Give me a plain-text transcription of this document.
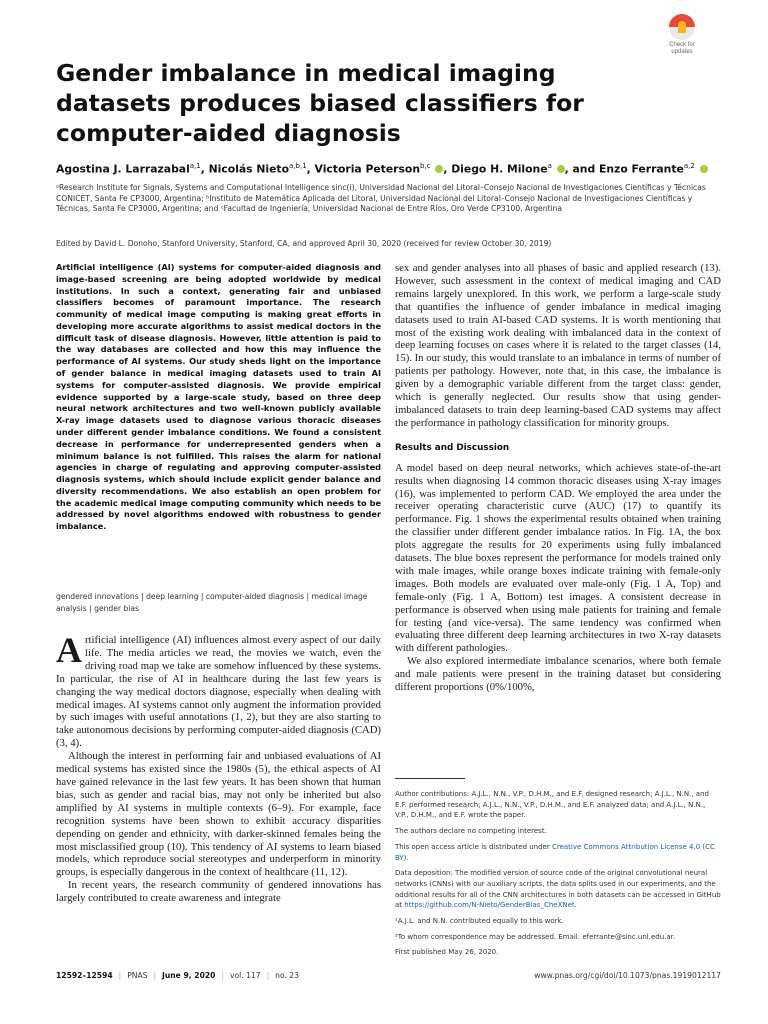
Check for
updates
Gender imbalance in medical imaging datasets produces biased classifiers for computer-aided diagnosis
Agostina J. Larrazabal$^{a,1}$, Nicolás Nieto$^{a,b,1}$, Victoria Peterson$^{b,c}$ , Diego H. Milone$^a$ , and Enzo Ferrante$^{a,2}$

ᵃResearch Institute for Signals, Systems and Computational Intelligence sinc(i), Universidad Nacional del Litoral–Consejo Nacional de Investigaciones Científicas y Técnicas CONICET, Santa Fe CP3000, Argentina; ᵇInstituto de Matemática Aplicada del Litoral, Universidad Nacional del Litoral–Consejo Nacional de Investigaciones Científicas y Técnicas, Santa Fe CP3000, Argentina; and ᶜFacultad de Ingeniería, Universidad Nacional de Entre Ríos, Oro Verde CP3100, Argentina

Edited by David L. Donoho, Stanford University, Stanford, CA, and approved April 30, 2020 (received for review October 30, 2019)

Artificial intelligence (AI) systems for computer-aided diagnosis and image-based screening are being adopted worldwide by medical institutions. In such a context, generating fair and unbiased classifiers becomes of paramount importance. The research community of medical image computing is making great efforts in developing more accurate algorithms to assist medical doctors in the difficult task of disease diagnosis. However, little attention is paid to the way databases are collected and how this may influence the performance of AI systems. Our study sheds light on the importance of gender balance in medical imaging datasets used to train AI systems for computer-assisted diagnosis. We provide empirical evidence supported by a large-scale study, based on three deep neural network architectures and two well-known publicly available X-ray image datasets used to diagnose various thoracic diseases under different gender imbalance conditions. We found a consistent decrease in performance for underrepresented genders when a minimum balance is not fulfilled. This raises the alarm for national agencies in charge of regulating and approving computer-assisted diagnosis systems, which should include explicit gender balance and diversity recommendations. We also establish an open problem for the academic medical image computing community which needs to be addressed by novel algorithms endowed with robustness to gender imbalance.

gendered innovations | deep learning | computer-aided diagnosis | medical image analysis | gender bias

Artificial intelligence (AI) influences almost every aspect of our daily life. The media articles we read, the movies we watch, even the driving road map we take are somehow influenced by these systems. In particular, the rise of AI in healthcare during the last few years is changing the way medical doctors diagnose, especially when dealing with medical images. AI systems cannot only augment the information provided by such images with useful annotations (1, 2), but they are also starting to take autonomous decisions by performing computer-aided diagnosis (CAD) (3, 4).

Although the interest in performing fair and unbiased evaluations of AI medical systems has existed since the 1980s (5), the ethical aspects of AI have gained relevance in the last few years. It has been shown that human bias, such as gender and racial bias, may not only be inherited but also amplified by AI systems in multiple contexts (6–9). For example, face recognition systems have been shown to exhibit accuracy disparities depending on gender and ethnicity, with darker-skinned females being the most misclassified group (10). This tendency of AI systems to learn biased models, which reproduce social stereotypes and underperform in minority groups, is especially dangerous in the context of healthcare (11, 12).

In recent years, the research community of gendered innovations has largely contributed to create awareness and integrate

sex and gender analyses into all phases of basic and applied research (13). However, such assessment in the context of medical imaging and CAD remains largely unexplored. In this work, we perform a large-scale study that quantifies the influence of gender imbalance in medical imaging datasets used to train AI-based CAD systems. It is worth mentioning that most of the existing work dealing with imbalanced data in the context of deep learning focuses on cases where it is related to the target classes (14, 15). In our study, this would translate to an imbalance in terms of number of patients per pathology. However, note that, in this case, the imbalance is given by a demographic variable different from the target class: gender, which is generally neglected. Our results show that using gender-imbalanced datasets to train deep learning-based CAD systems may affect the performance in pathology classification for minority groups.

Results and Discussion

A model based on deep neural networks, which achieves state-of-the-art results when diagnosing 14 common thoracic diseases using X-ray images (16), was implemented to perform CAD. We employed the area under the receiver operating characteristic curve (AUC) (17) to quantify its performance. Fig. 1 shows the experimental results obtained when training the classifier under different gender imbalance ratios. In Fig. 1A, the box plots aggregate the results for 20 experiments using fully imbalanced datasets. The blue boxes represent the performance for models trained only with male images, while orange boxes indicate training with female-only images. Both models are evaluated over male-only (Fig. 1 A, Top) and female-only (Fig. 1 A, Bottom) test images. A consistent decrease in performance is observed when using male patients for training and female for testing (and vice-versa). The same tendency was confirmed when evaluating three different deep learning architectures in two X-ray datasets with different pathologies.

We also explored intermediate imbalance scenarios, where both female and male patients were present in the training dataset but considering different proportions (0%/100%,

Author contributions: A.J.L., N.N., V.P., D.H.M., and E.F. designed research; A.J.L., N.N., and E.F. performed research; A.J.L., N.N., V.P., D.H.M., and E.F. analyzed data; and A.J.L., N.N., V.P., D.H.M., and E.F. wrote the paper.

The authors declare no competing interest.

This open access article is distributed under Creative Commons Attribution License 4.0 (CC BY).

Data deposition: The modified version of source code of the original convolutional neural networks (CNNs) with our auxiliary scripts, the data splits used in our experiments, and the additional results for all of the CNN architectures in both datasets can be accessed in GitHub at https://github.com/N-Nieto/GenderBias_CheXNet.

¹A.J.L. and N.N. contributed equally to this work.

²To whom correspondence may be addressed. Email: eferrante@sinc.unl.edu.ar.

First published May 26, 2020.

12592–12594 | PNAS | June 9, 2020 | vol. 117 | no. 23	www.pnas.org/cgi/doi/10.1073/pnas.1919012117
